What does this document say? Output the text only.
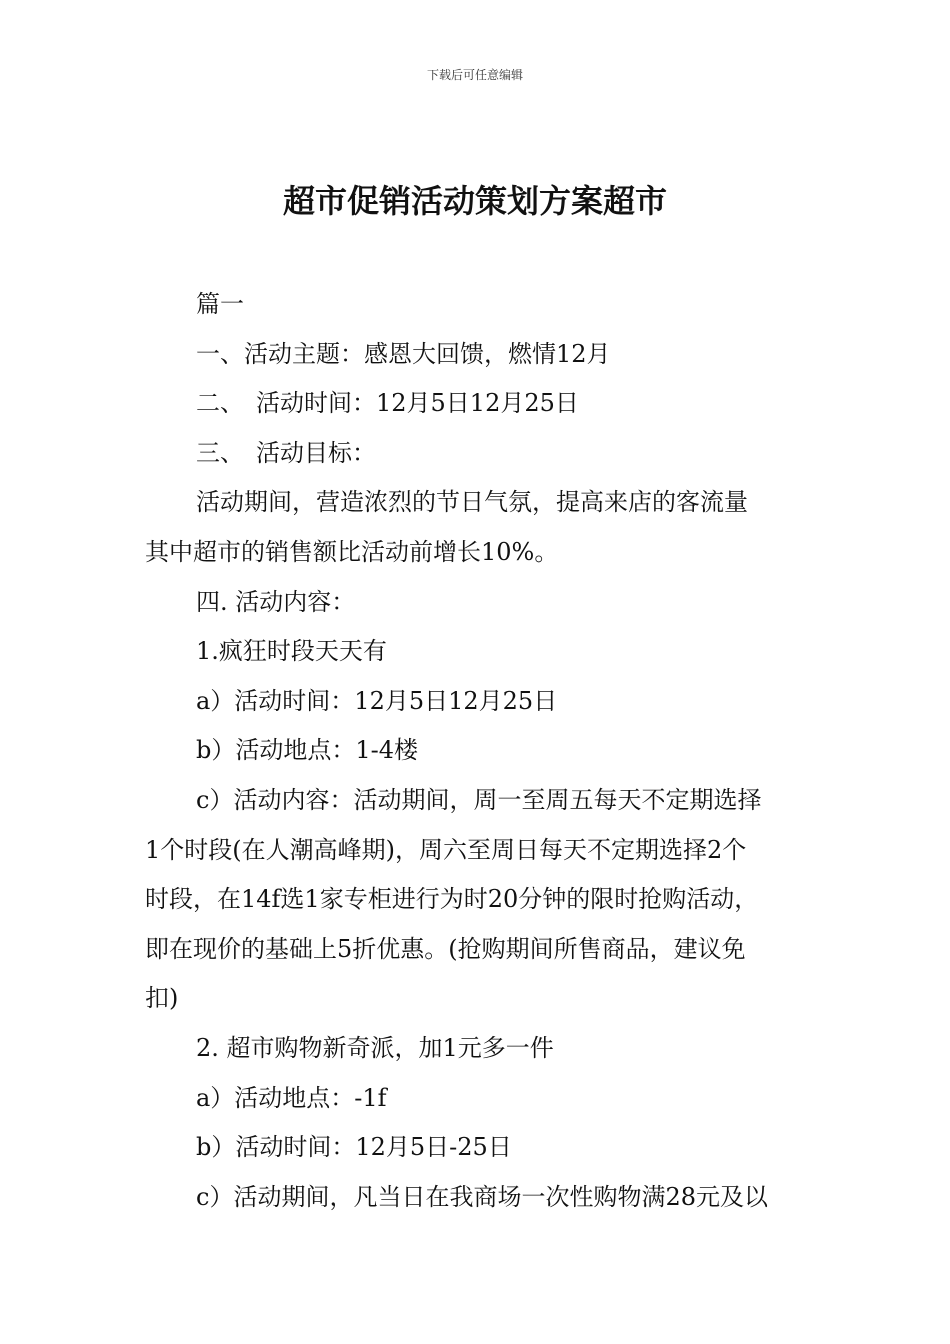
下载后可任意编辑
超市促销活动策划方案超市
篇一
一、活动主题：感恩大回馈，燃情12月
二、　活动时间：12月5日12月25日
三、　活动目标：
活动期间，营造浓烈的节日气氛，提高来店的客流量
其中超市的销售额比活动前增长10%。
四. 活动内容：
1.疯狂时段天天有
a）活动时间：12月5日12月25日
b）活动地点：1-4楼
c）活动内容：活动期间，周一至周五每天不定期选择
1个时段(在人潮高峰期)，周六至周日每天不定期选择2个
时段，在14f选1家专柜进行为时20分钟的限时抢购活动，
即在现价的基础上5折优惠。(抢购期间所售商品，建议免
扣)
2. 超市购物新奇派，加1元多一件
a）活动地点：-1f
b）活动时间：12月5日-25日
c）活动期间，凡当日在我商场一次性购物满28元及以
